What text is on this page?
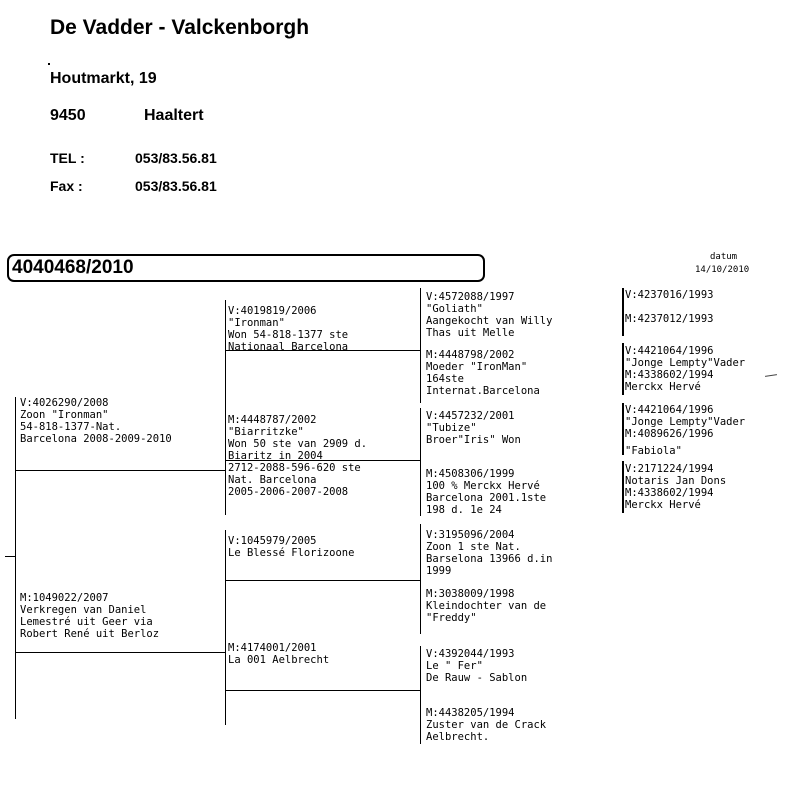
De Vadder - Valckenborgh
Houtmarkt, 19
9450	Haaltert
TEL :	053/83.56.81
Fax :	053/83.56.81
4040468/2010	datum
14/10/2010
V:4026290/2008
Zoon "Ironman"
54-818-1377-Nat.
Barcelona 2008-2009-2010
M:1049022/2007
Verkregen van Daniel
Lemestré uit Geer via
Robert René uit Berloz
V:4019819/2006
"Ironman"
Won 54-818-1377 ste
Nationaal Barcelona
M:4448787/2002
"Biarritzke"
Won 50 ste van 2909 d.
Biaritz in 2004
2712-2088-596-620 ste
Nat. Barcelona
2005-2006-2007-2008
V:1045979/2005
Le Blessé Florizoone
M:4174001/2001
La 001 Aelbrecht
V:4572088/1997
"Goliath"
Aangekocht van Willy
Thas uit Melle
M:4448798/2002
Moeder "IronMan"
164ste
Internat.Barcelona
V:4457232/2001
"Tubize"
Broer"Iris" Won
M:4508306/1999
100 % Merckx Hervé
Barcelona 2001.1ste
198 d. 1e 24
V:3195096/2004
Zoon 1 ste Nat.
Barselona 13966 d.in
1999
M:3038009/1998
Kleindochter van de
"Freddy"
V:4392044/1993
Le " Fer"
De Rauw - Sablon
M:4438205/1994
Zuster van de Crack
Aelbrecht.
V:4237016/1993
M:4237012/1993
V:4421064/1996
"Jonge Lempty"Vader
M:4338602/1994
Merckx Hervé
V:4421064/1996
"Jonge Lempty"Vader
M:4089626/1996
"Fabiola"
V:2171224/1994
Notaris Jan Dons
M:4338602/1994
Merckx Hervé
